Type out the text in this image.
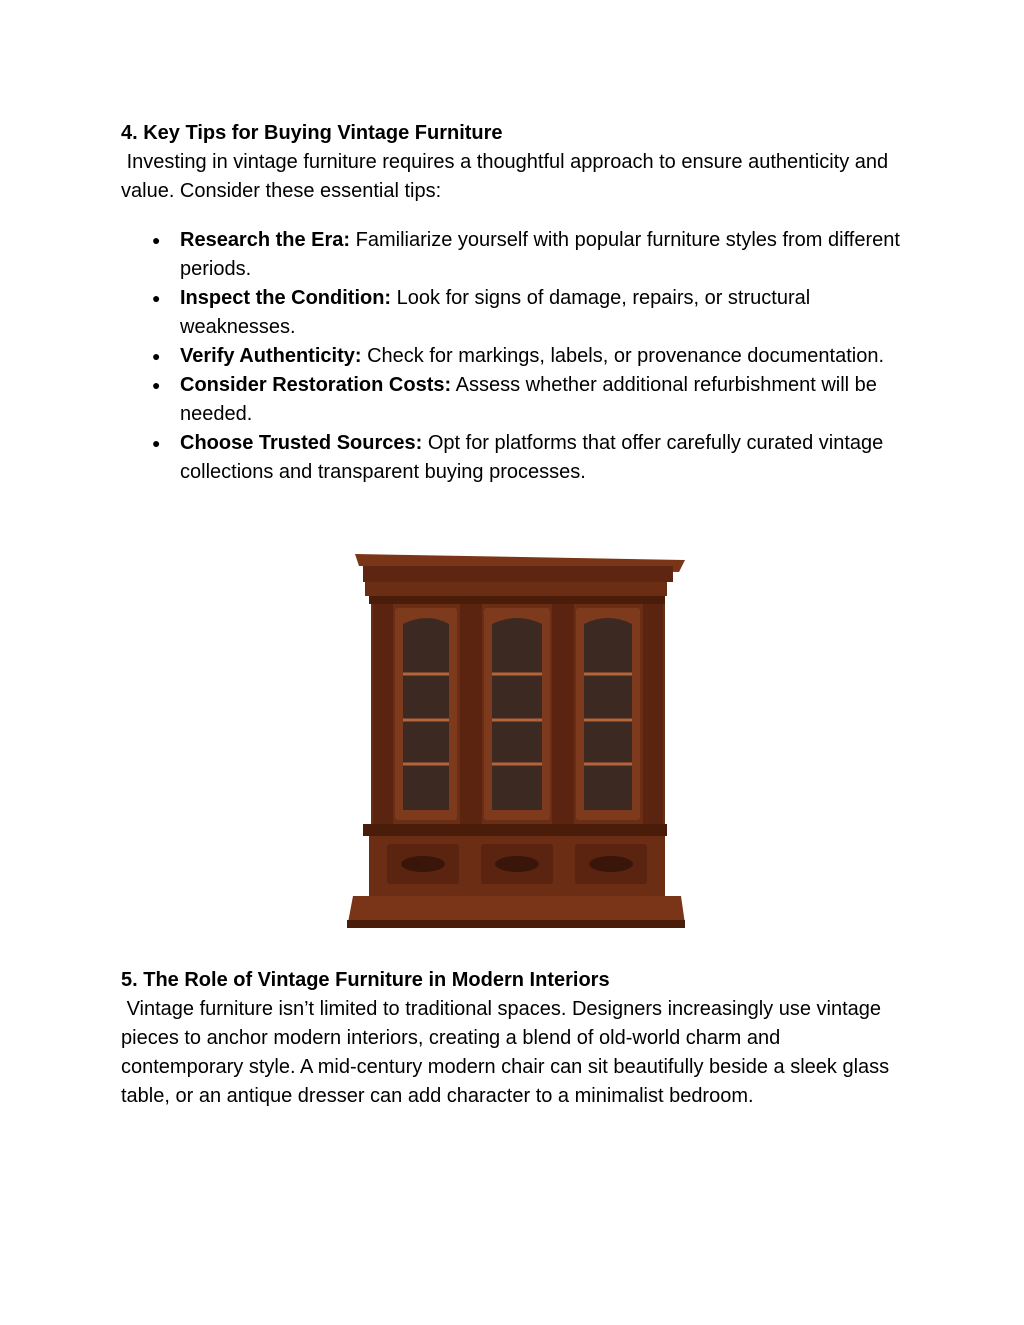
4. Key Tips for Buying Vintage Furniture

Investing in vintage furniture requires a thoughtful approach to ensure authenticity and value. Consider these essential tips:

● Research the Era: Familiarize yourself with popular furniture styles from different periods.
● Inspect the Condition: Look for signs of damage, repairs, or structural weaknesses.
● Verify Authenticity: Check for markings, labels, or provenance documentation.
● Consider Restoration Costs: Assess whether additional refurbishment will be needed.
● Choose Trusted Sources: Opt for platforms that offer carefully curated vintage collections and transparent buying processes.
5. The Role of Vintage Furniture in Modern Interiors

Vintage furniture isn’t limited to traditional spaces. Designers increasingly use vintage pieces to anchor modern interiors, creating a blend of old-world charm and contemporary style. A mid-century modern chair can sit beautifully beside a sleek glass table, or an antique dresser can add character to a minimalist bedroom.
